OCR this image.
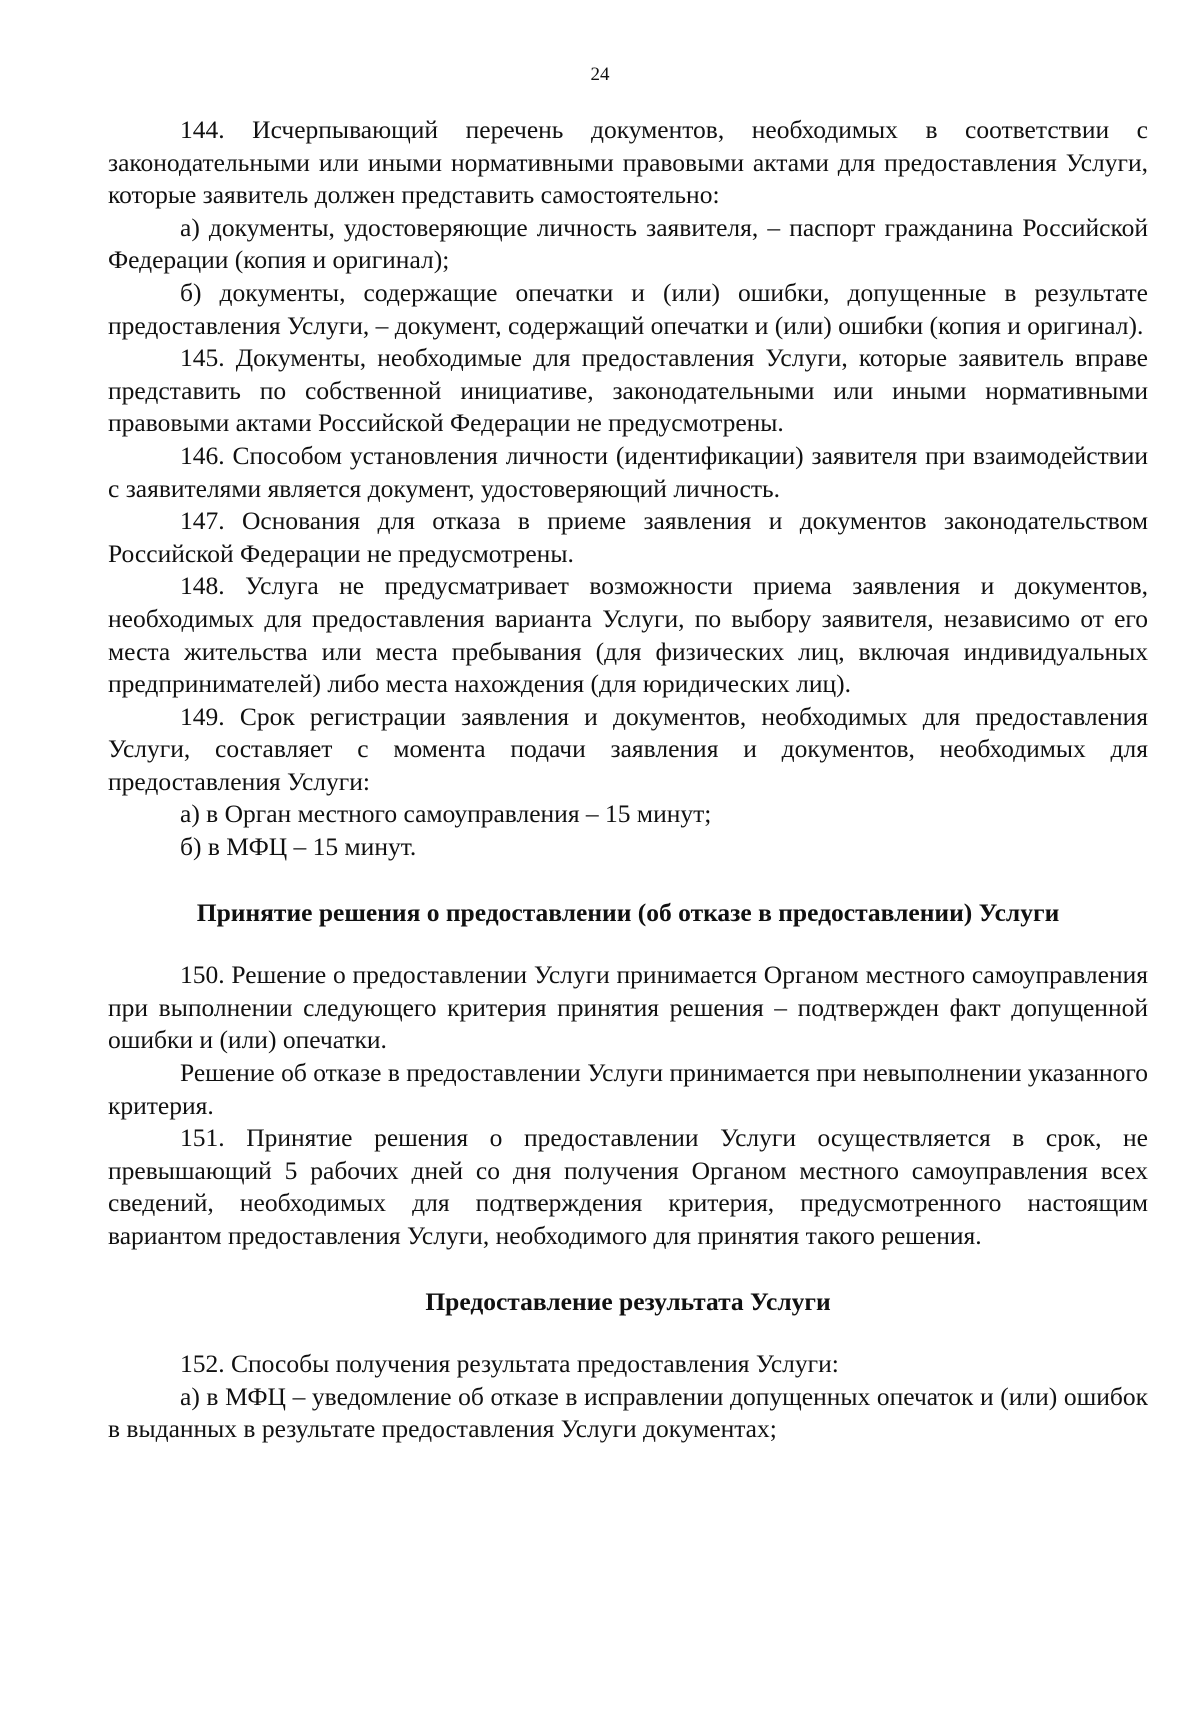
24

144. Исчерпывающий перечень документов, необходимых в соответствии с законодательными или иными нормативными правовыми актами для предоставления Услуги, которые заявитель должен представить самостоятельно:

а) документы, удостоверяющие личность заявителя, – паспорт гражданина Российской Федерации (копия и оригинал);

б) документы, содержащие опечатки и (или) ошибки, допущенные в результате предоставления Услуги, – документ, содержащий опечатки и (или) ошибки (копия и оригинал).

145. Документы, необходимые для предоставления Услуги, которые заявитель вправе представить по собственной инициативе, законодательными или иными нормативными правовыми актами Российской Федерации не предусмотрены.

146. Способом установления личности (идентификации) заявителя при взаимодействии с заявителями является документ, удостоверяющий личность.

147. Основания для отказа в приеме заявления и документов законодательством Российской Федерации не предусмотрены.

148. Услуга не предусматривает возможности приема заявления и документов, необходимых для предоставления варианта Услуги, по выбору заявителя, независимо от его места жительства или места пребывания (для физических лиц, включая индивидуальных предпринимателей) либо места нахождения (для юридических лиц).

149. Срок регистрации заявления и документов, необходимых для предоставления Услуги, составляет с момента подачи заявления и документов, необходимых для предоставления Услуги:

а) в Орган местного самоуправления – 15 минут;

б) в МФЦ – 15 минут.

Принятие решения о предоставлении (об отказе в предоставлении) Услуги

150. Решение о предоставлении Услуги принимается Органом местного самоуправления при выполнении следующего критерия принятия решения – подтвержден факт допущенной ошибки и (или) опечатки.

Решение об отказе в предоставлении Услуги принимается при невыполнении указанного критерия.

151. Принятие решения о предоставлении Услуги осуществляется в срок, не превышающий 5 рабочих дней со дня получения Органом местного самоуправления всех сведений, необходимых для подтверждения критерия, предусмотренного настоящим вариантом предоставления Услуги, необходимого для принятия такого решения.

Предоставление результата Услуги

152. Способы получения результата предоставления Услуги:

а) в МФЦ – уведомление об отказе в исправлении допущенных опечаток и (или) ошибок в выданных в результате предоставления Услуги документах;
